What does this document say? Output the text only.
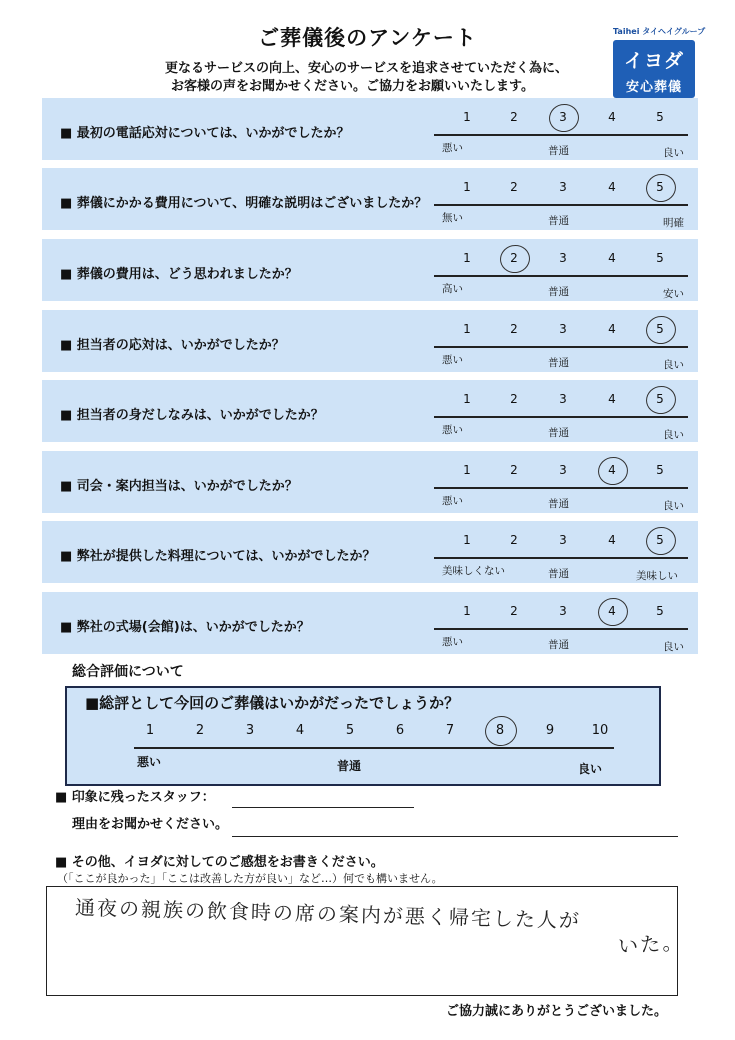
ご葬儀後のアンケート
更なるサービスの向上、安心のサービスを追求させていただく為に、
お客様の声をお聞かせください。ご協力をお願いいたします。
Taihei タイヘイグループ
イヨダ
安心葬儀
■ 最初の電話応対については、いかがでしたか？
1	2	3	4	5
悪い	普通	良い
■ 葬儀にかかる費用について、明確な説明はございましたか？
1	2	3	4	5
無い	普通	明確
■ 葬儀の費用は、どう思われましたか？
1	2	3	4	5
高い	普通	安い
■ 担当者の応対は、いかがでしたか？
1	2	3	4	5
悪い	普通	良い
■ 担当者の身だしなみは、いかがでしたか？
1	2	3	4	5
悪い	普通	良い
■ 司会・案内担当は、いかがでしたか？
1	2	3	4	5
悪い	普通	良い
■ 弊社が提供した料理については、いかがでしたか？
1	2	3	4	5
美味しくない	普通	美味しい
■ 弊社の式場(会館)は、いかがでしたか？
1	2	3	4	5
悪い	普通	良い
総合評価について
■総評として今回のご葬儀はいかがだったでしょうか？
1	2	3	4	5	6	7	8	9	10
悪い	普通	良い
■ 印象に残ったスタッフ：
理由をお聞かせください。
■ その他、イヨダに対してのご感想をお書きください。
（「ここが良かった」「ここは改善した方が良い」など…）何でも構いません。
通夜の親族の飲食時の席の案内が悪く帰宅した人が
いた。
ご協力誠にありがとうございました。
